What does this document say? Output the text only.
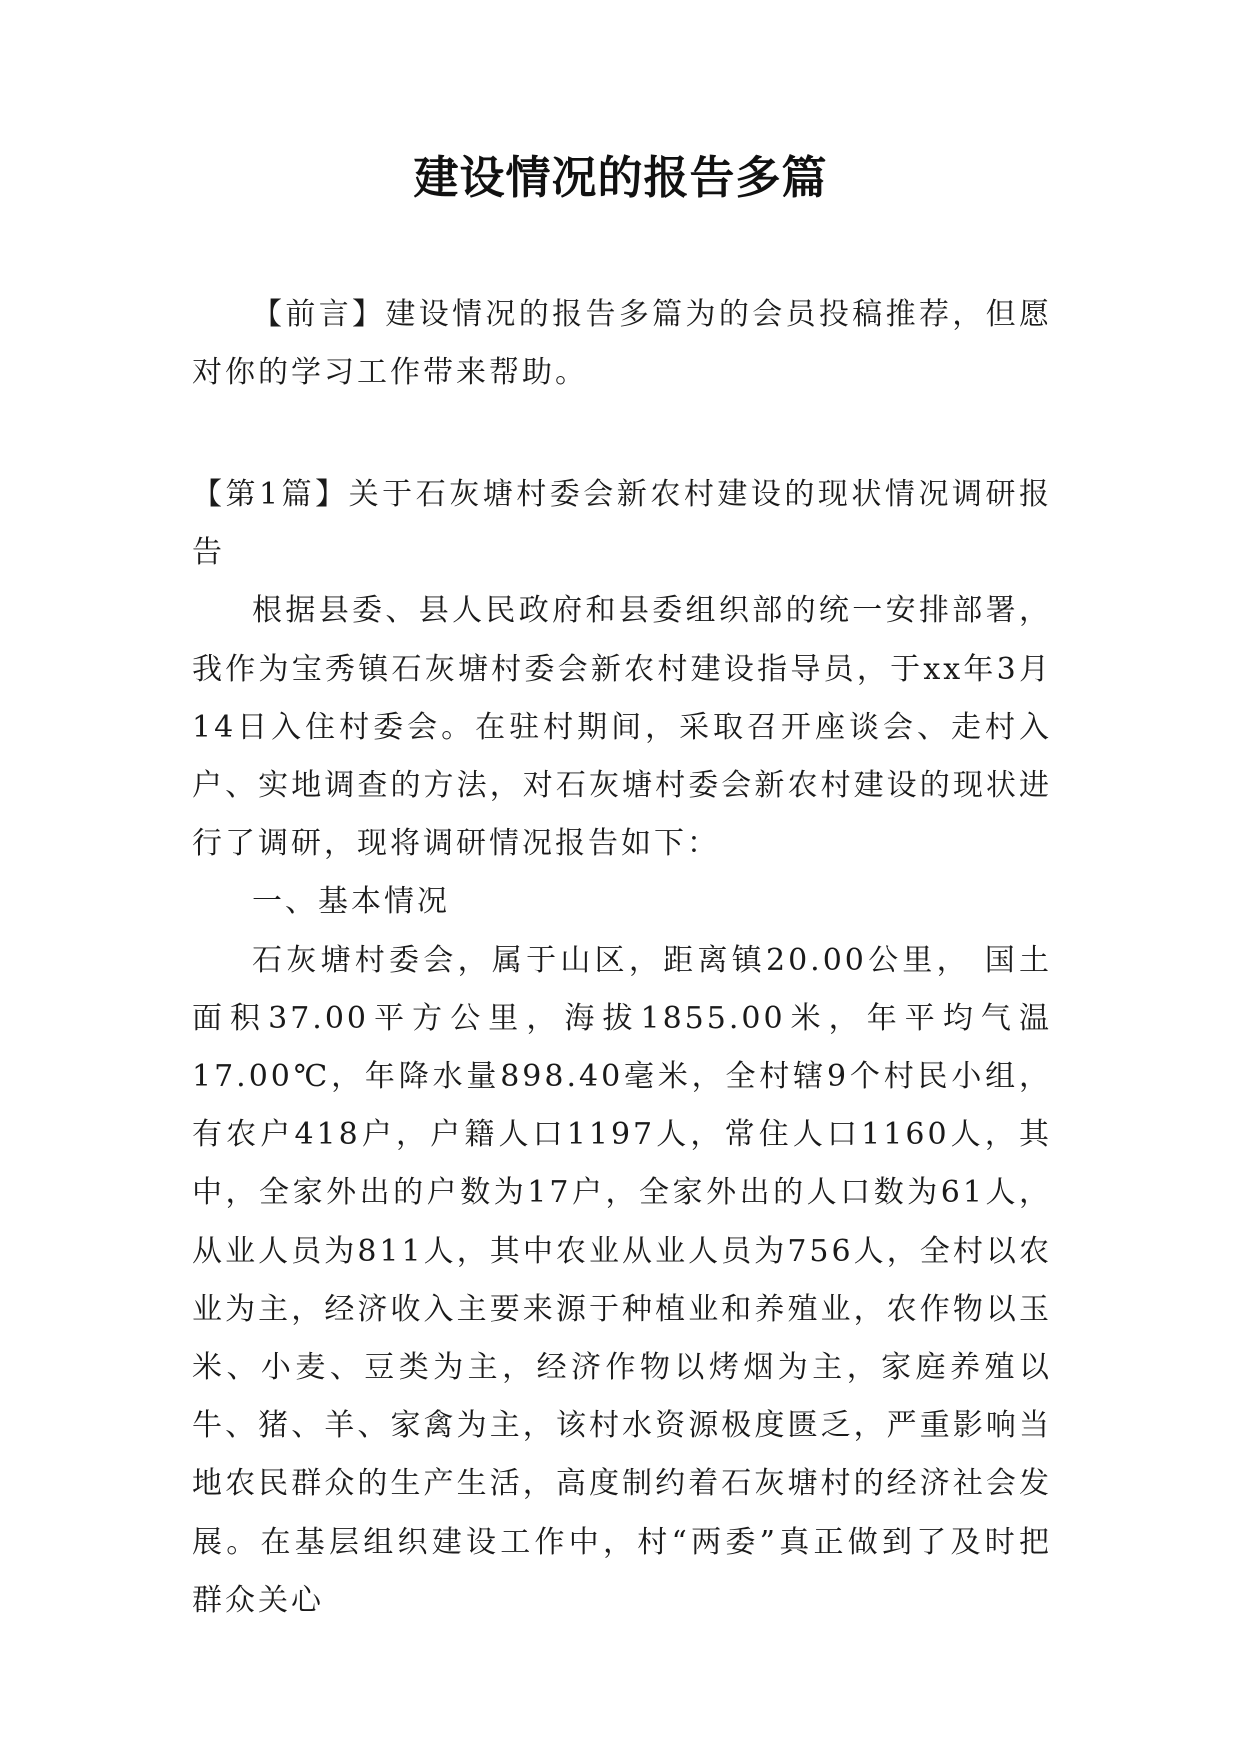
建设情况的报告多篇

【前言】建设情况的报告多篇为的会员投稿推荐，但愿对你的学习工作带来帮助。

【第1篇】关于石灰塘村委会新农村建设的现状情况调研报告

根据县委、县人民政府和县委组织部的统一安排部署，我作为宝秀镇石灰塘村委会新农村建设指导员，于xx年3月14日入住村委会。在驻村期间，采取召开座谈会、走村入户、实地调查的方法，对石灰塘村委会新农村建设的现状进行了调研，现将调研情况报告如下：

一、基本情况

石灰塘村委会，属于山区，距离镇20.00公里， 国土面积37.00平方公里，海拔1855.00米，年平均气温17.00℃，年降水量898.40毫米，全村辖9个村民小组，有农户418户，户籍人口1197人，常住人口1160人，其中，全家外出的户数为17户，全家外出的人口数为61人，从业人员为811人，其中农业从业人员为756人，全村以农业为主，经济收入主要来源于种植业和养殖业，农作物以玉米、小麦、豆类为主，经济作物以烤烟为主，家庭养殖以牛、猪、羊、家禽为主，该村水资源极度匮乏，严重影响当地农民群众的生产生活，高度制约着石灰塘村的经济社会发展。在基层组织建设工作中，村“两委”真正做到了及时把群众关心
